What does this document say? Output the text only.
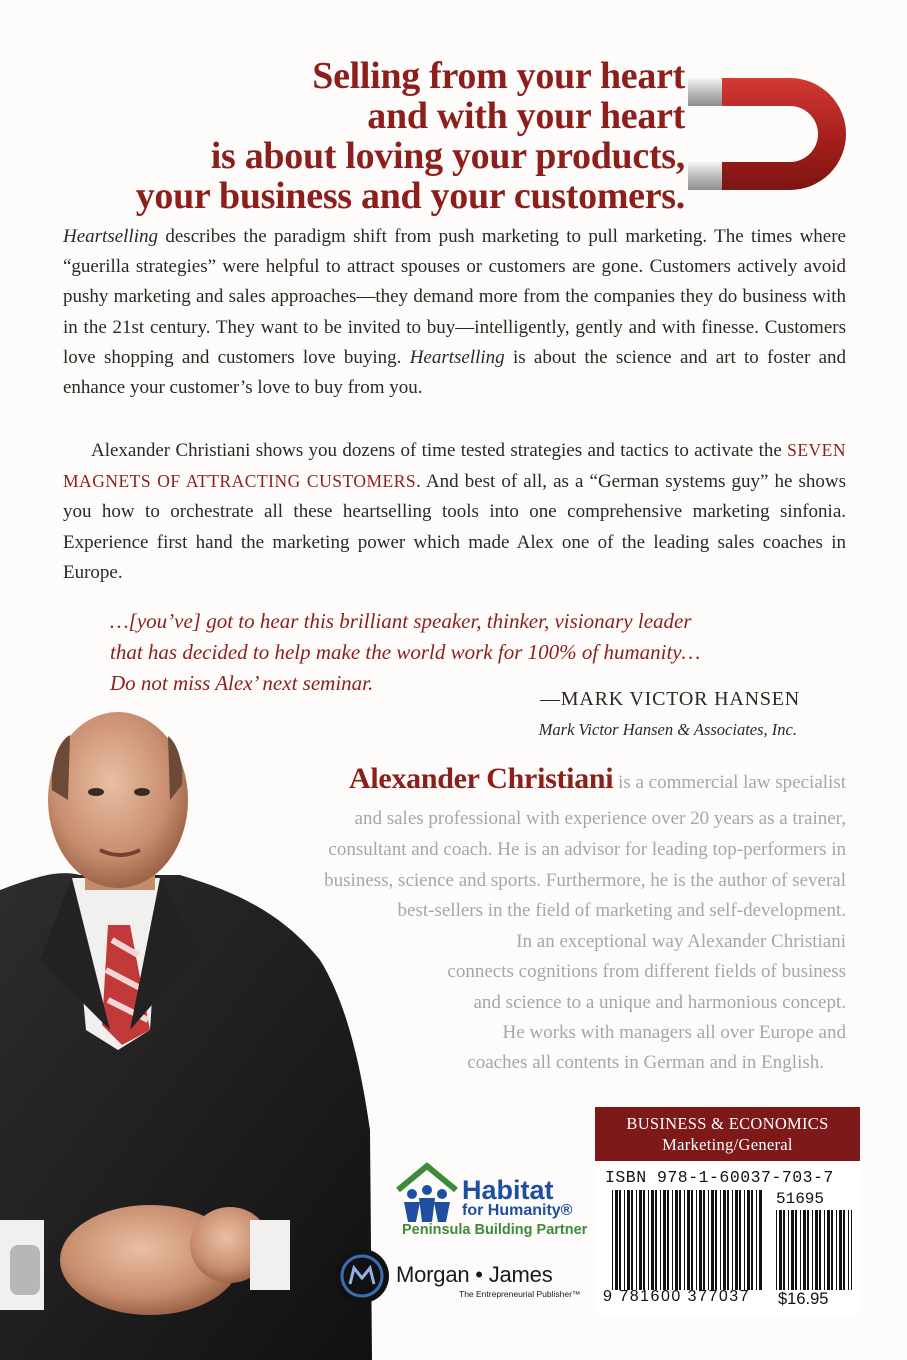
Selling from your heart
and with your heart
is about loving your products,
your business and your customers.
Heartselling describes the paradigm shift from push marketing to pull marketing. The times where “guerilla strategies” were helpful to attract spouses or customers are gone. Customers actively avoid pushy marketing and sales approaches—they demand more from the companies they do business with in the 21st century. They want to be invited to buy—intelligently, gently and with finesse. Customers love shopping and customers love buying. Heartselling is about the science and art to foster and enhance your customer’s love to buy from you.
Alexander Christiani shows you dozens of time tested strategies and tactics to activate the SEVEN MAGNETS OF ATTRACTING CUSTOMERS. And best of all, as a “German systems guy” he shows you how to orchestrate all these heartselling tools into one comprehensive marketing sinfonia. Experience first hand the marketing power which made Alex one of the leading sales coaches in Europe.
…[you’ve] got to hear this brilliant speaker, thinker, visionary leader
that has decided to help make the world work for 100% of humanity…
Do not miss Alex’ next seminar.
—MARK VICTOR HANSEN
Mark Victor Hansen & Associates, Inc.
Alexander Christiani is a commercial law specialist
and sales professional with experience over 20 years as a trainer,
consultant and coach. He is an advisor for leading top-performers in
business, science and sports. Furthermore, he is the author of several
best-sellers in the field of marketing and self-development.
In an exceptional way Alexander Christiani
connects cognitions from different fields of business
and science to a unique and harmonious concept.
He works with managers all over Europe and
coaches all contents in German and in English.
BUSINESS & ECONOMICS
Marketing/General
ISBN 978-1-60037-703-7
51695
9 781600 377037 $16.95
Habitat
for Humanity®
Peninsula Building Partner
Morgan • James
The Entrepreneurial Publisher™
